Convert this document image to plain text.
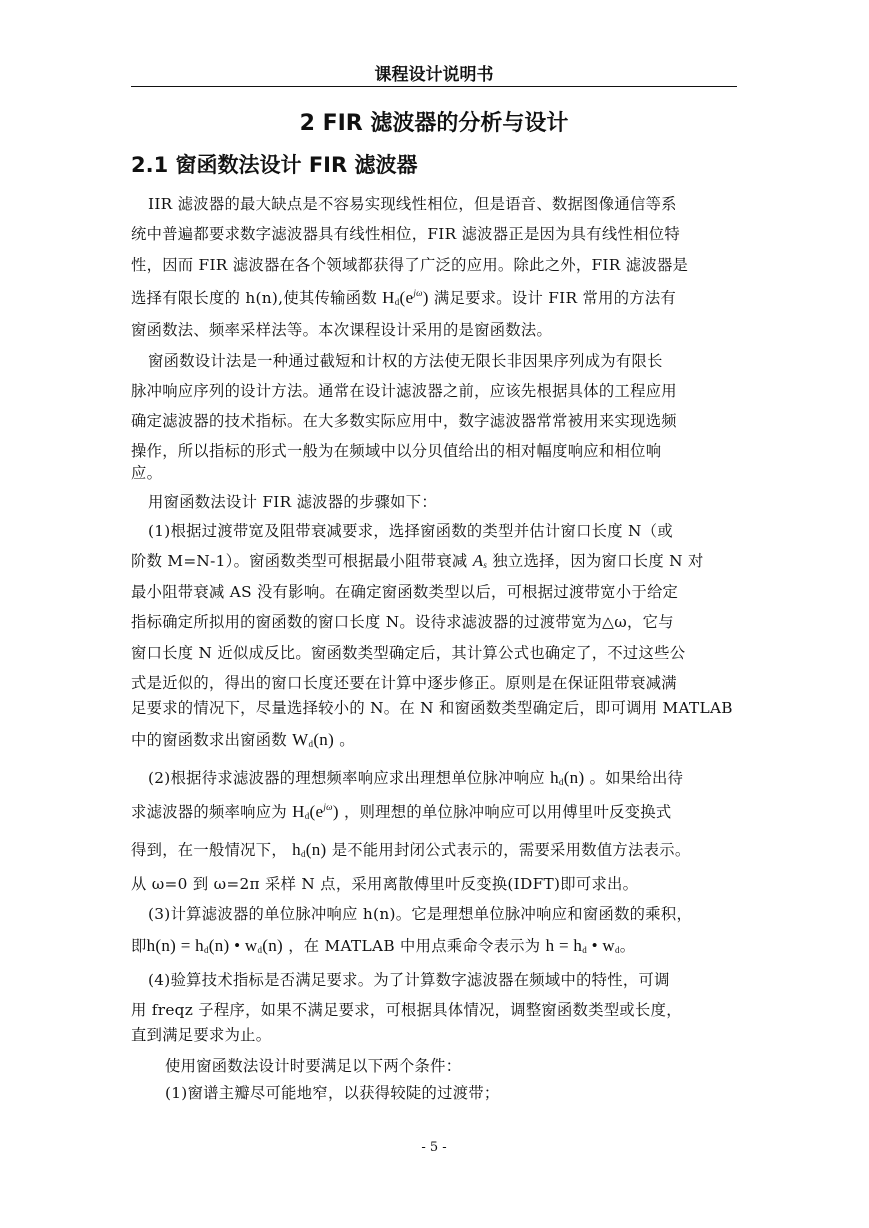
课程设计说明书
2 FIR 滤波器的分析与设计
2.1 窗函数法设计 FIR 滤波器
IIR 滤波器的最大缺点是不容易实现线性相位，但是语音、数据图像通信等系
统中普遍都要求数字滤波器具有线性相位，FIR 滤波器正是因为具有线性相位特
性，因而 FIR 滤波器在各个领域都获得了广泛的应用。除此之外，FIR 滤波器是
选择有限长度的 h(n),使其传输函数 $H_d(e^{j\omega})$ 满足要求。设计 FIR 常用的方法有
窗函数法、频率采样法等。本次课程设计采用的是窗函数法。
窗函数设计法是一种通过截短和计权的方法使无限长非因果序列成为有限长
脉冲响应序列的设计方法。通常在设计滤波器之前，应该先根据具体的工程应用
确定滤波器的技术指标。在大多数实际应用中，数字滤波器常常被用来实现选频
操作，所以指标的形式一般为在频域中以分贝值给出的相对幅度响应和相位响
应。
用窗函数法设计 FIR 滤波器的步骤如下：
(1)根据过渡带宽及阻带衰减要求，选择窗函数的类型并估计窗口长度 N（或
阶数 M=N-1）。窗函数类型可根据最小阻带衰减 $A_s$ 独立选择，因为窗口长度 N 对
最小阻带衰减 AS 没有影响。在确定窗函数类型以后，可根据过渡带宽小于给定
指标确定所拟用的窗函数的窗口长度 N。设待求滤波器的过渡带宽为△ω，它与
窗口长度 N 近似成反比。窗函数类型确定后，其计算公式也确定了，不过这些公
式是近似的，得出的窗口长度还要在计算中逐步修正。原则是在保证阻带衰减满
足要求的情况下，尽量选择较小的 N。在 N 和窗函数类型确定后，即可调用 MATLAB
中的窗函数求出窗函数 $W_d(n)$ 。
(2)根据待求滤波器的理想频率响应求出理想单位脉冲响应 $h_d(n)$ 。如果给出待
求滤波器的频率响应为 $H_d(e^{j\omega})$ ，则理想的单位脉冲响应可以用傅里叶反变换式
得到，在一般情况下， $h_d(n)$ 是不能用封闭公式表示的，需要采用数值方法表示。
从 ω=0 到 ω=2π 采样 N 点，采用离散傅里叶反变换(IDFT)即可求出。
(3)计算滤波器的单位脉冲响应 h(n)。它是理想单位脉冲响应和窗函数的乘积，
即$h(n) = h_d(n)$ • $w_d(n)$ ，在 MATLAB 中用点乘命令表示为 $h = h_d$ • $w_d$。
(4)验算技术指标是否满足要求。为了计算数字滤波器在频域中的特性，可调
用 freqz 子程序，如果不满足要求，可根据具体情况，调整窗函数类型或长度，
直到满足要求为止。
使用窗函数法设计时要满足以下两个条件：
(1)窗谱主瓣尽可能地窄，以获得较陡的过渡带；
- 5 -
